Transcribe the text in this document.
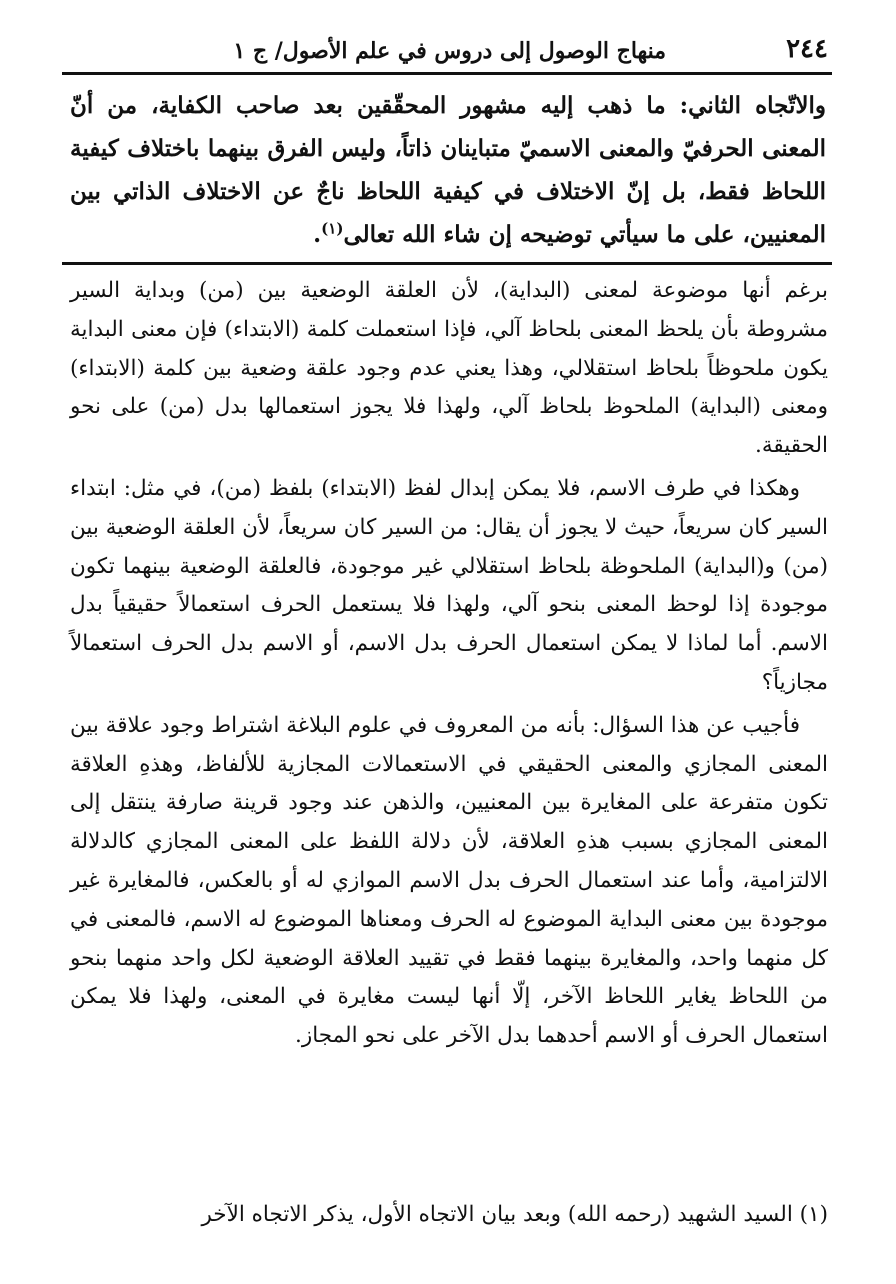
٢٤٤
منهاج الوصول إلى دروس في علم الأصول/ ج ١

والاتّجاه الثاني: ما ذهب إليه مشهور المحقّقين بعد صاحب الكفاية، من أنّ المعنى الحرفيّ والمعنى الاسميّ متباينان ذاتاً، وليس الفرق بينهما باختلاف كيفية اللحاظ فقط، بل إنّ الاختلاف في كيفية اللحاظ ناجٌ عن الاختلاف الذاتي بين المعنيين، على ما سيأتي توضيحه إن شاء الله تعالى$^{(١)}$.

برغم أنها موضوعة لمعنى (البداية)، لأن العلقة الوضعية بين (من) وبداية السير مشروطة بأن يلحظ المعنى بلحاظ آلي، فإذا استعملت كلمة (الابتداء) فإن معنى البداية يكون ملحوظاً بلحاظ استقلالي، وهذا يعني عدم وجود علقة وضعية بين كلمة (الابتداء) ومعنى (البداية) الملحوظ بلحاظ آلي، ولهذا فلا يجوز استعمالها بدل (من) على نحو الحقيقة.

وهكذا في طرف الاسم، فلا يمكن إبدال لفظ (الابتداء) بلفظ (من)، في مثل: ابتداء السير كان سريعاً، حيث لا يجوز أن يقال: من السير كان سريعاً، لأن العلقة الوضعية بين (من) و(البداية) الملحوظة بلحاظ استقلالي غير موجودة، فالعلقة الوضعية بينهما تكون موجودة إذا لوحظ المعنى بنحو آلي، ولهذا فلا يستعمل الحرف استعمالاً حقيقياً بدل الاسم. أما لماذا لا يمكن استعمال الحرف بدل الاسم، أو الاسم بدل الحرف استعمالاً مجازياً؟

فأجيب عن هذا السؤال: بأنه من المعروف في علوم البلاغة اشتراط وجود علاقة بين المعنى المجازي والمعنى الحقيقي في الاستعمالات المجازية للألفاظ، وهذهِ العلاقة تكون متفرعة على المغايرة بين المعنيين، والذهن عند وجود قرينة صارفة ينتقل إلى المعنى المجازي بسبب هذهِ العلاقة، لأن دلالة اللفظ على المعنى المجازي كالدلالة الالتزامية، وأما عند استعمال الحرف بدل الاسم الموازي له أو بالعكس، فالمغايرة غير موجودة بين معنى البداية الموضوع له الحرف ومعناها الموضوع له الاسم، فالمعنى في كل منهما واحد، والمغايرة بينهما فقط في تقييد العلاقة الوضعية لكل واحد منهما بنحو من اللحاظ يغاير اللحاظ الآخر، إلّا أنها ليست مغايرة في المعنى، ولهذا فلا يمكن استعمال الحرف أو الاسم أحدهما بدل الآخر على نحو المجاز.

(١) السيد الشهيد (رحمه الله) وبعد بيان الاتجاه الأول، يذكر الاتجاه الآخر
